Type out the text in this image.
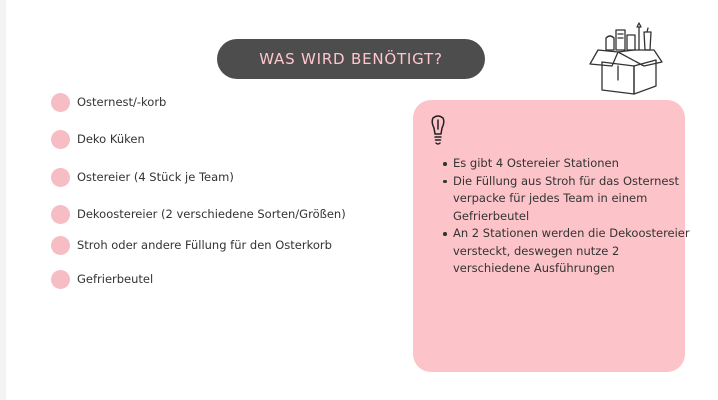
WAS WIRD BENÖTIGT?
Osternest/-korb
Deko Küken
Ostereier (4 Stück je Team)
Dekoostereier (2 verschiedene Sorten/Größen)
Stroh oder andere Füllung für den Osterkorb
Gefrierbeutel
Es gibt 4 Ostereier Stationen
Die Füllung aus Stroh für das Osternest verpacke für jedes Team in einem Gefrierbeutel
An 2 Stationen werden die Dekoostereier versteckt, deswegen nutze 2 verschiedene Ausführungen
